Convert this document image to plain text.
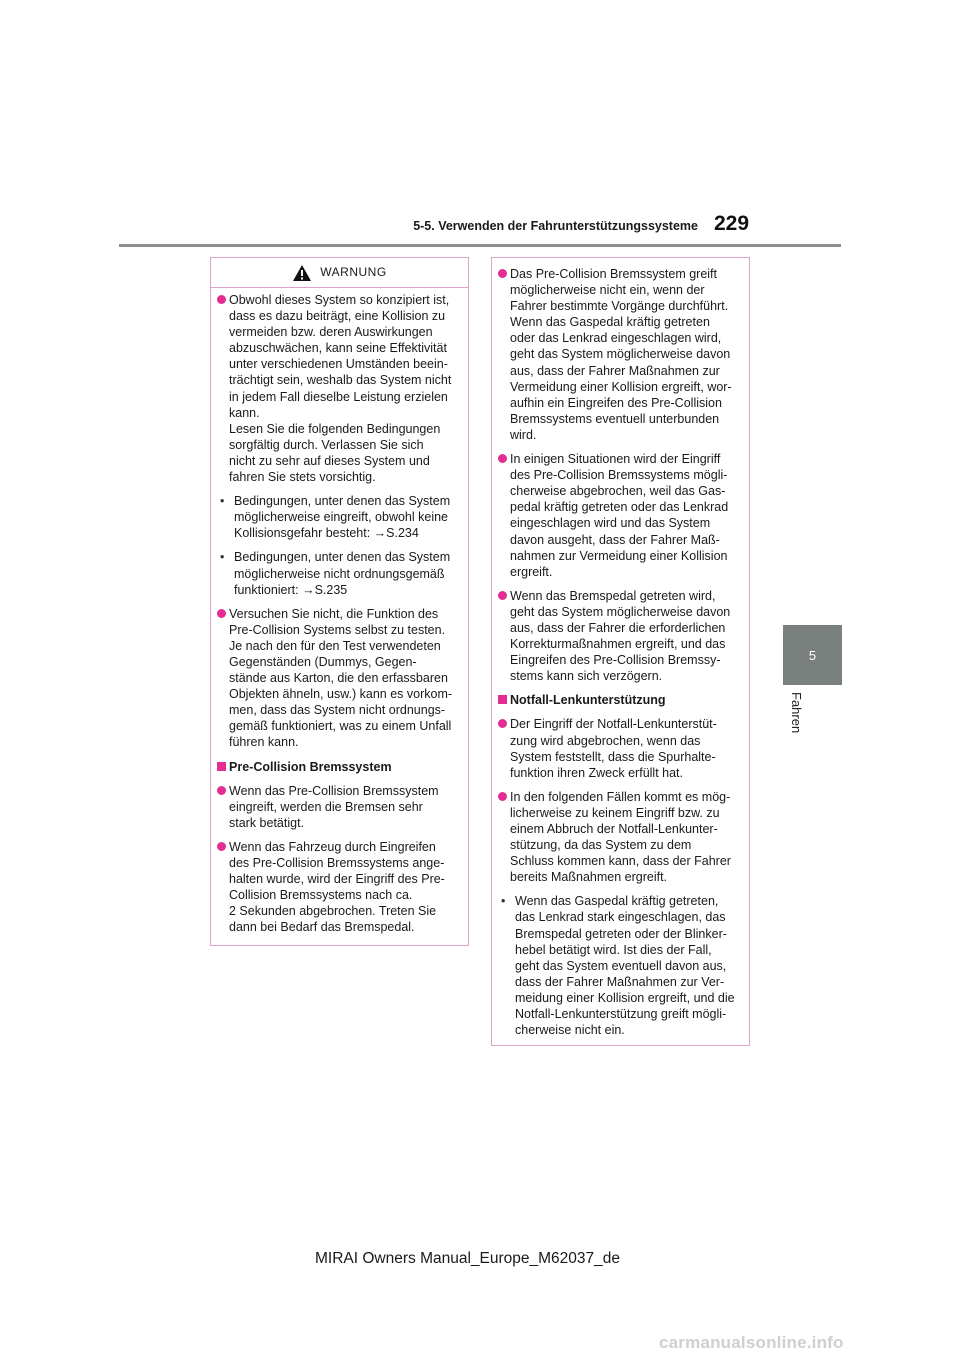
5-5. Verwenden der Fahrunterstützungssysteme 229
5
Fahren
WARNUNG
Obwohl dieses System so konzipiert ist,
dass es dazu beiträgt, eine Kollision zu
vermeiden bzw. deren Auswirkungen
abzuschwächen, kann seine Effektivität
unter verschiedenen Umständen beein-
trächtigt sein, weshalb das System nicht
in jedem Fall dieselbe Leistung erzielen
kann.
Lesen Sie die folgenden Bedingungen
sorgfältig durch. Verlassen Sie sich
nicht zu sehr auf dieses System und
fahren Sie stets vorsichtig.
• Bedingungen, unter denen das System
möglicherweise eingreift, obwohl keine
Kollisionsgefahr besteht: →S.234
• Bedingungen, unter denen das System
möglicherweise nicht ordnungsgemäß
funktioniert: →S.235
Versuchen Sie nicht, die Funktion des
Pre-Collision Systems selbst zu testen.
Je nach den für den Test verwendeten
Gegenständen (Dummys, Gegen-
stände aus Karton, die den erfassbaren
Objekten ähneln, usw.) kann es vorkom-
men, dass das System nicht ordnungs-
gemäß funktioniert, was zu einem Unfall
führen kann.
Pre-Collision Bremssystem
Wenn das Pre-Collision Bremssystem
eingreift, werden die Bremsen sehr
stark betätigt.
Wenn das Fahrzeug durch Eingreifen
des Pre-Collision Bremssystems ange-
halten wurde, wird der Eingriff des Pre-
Collision Bremssystems nach ca.
2 Sekunden abgebrochen. Treten Sie
dann bei Bedarf das Bremspedal.
Das Pre-Collision Bremssystem greift
möglicherweise nicht ein, wenn der
Fahrer bestimmte Vorgänge durchführt.
Wenn das Gaspedal kräftig getreten
oder das Lenkrad eingeschlagen wird,
geht das System möglicherweise davon
aus, dass der Fahrer Maßnahmen zur
Vermeidung einer Kollision ergreift, wor-
aufhin ein Eingreifen des Pre-Collision
Bremssystems eventuell unterbunden
wird.
In einigen Situationen wird der Eingriff
des Pre-Collision Bremssystems mögli-
cherweise abgebrochen, weil das Gas-
pedal kräftig getreten oder das Lenkrad
eingeschlagen wird und das System
davon ausgeht, dass der Fahrer Maß-
nahmen zur Vermeidung einer Kollision
ergreift.
Wenn das Bremspedal getreten wird,
geht das System möglicherweise davon
aus, dass der Fahrer die erforderlichen
Korrekturmaßnahmen ergreift, und das
Eingreifen des Pre-Collision Bremssy-
stems kann sich verzögern.
Notfall-Lenkunterstützung
Der Eingriff der Notfall-Lenkunterstüt-
zung wird abgebrochen, wenn das
System feststellt, dass die Spurhalte-
funktion ihren Zweck erfüllt hat.
In den folgenden Fällen kommt es mög-
licherweise zu keinem Eingriff bzw. zu
einem Abbruch der Notfall-Lenkunter-
stützung, da das System zu dem
Schluss kommen kann, dass der Fahrer
bereits Maßnahmen ergreift.
• Wenn das Gaspedal kräftig getreten,
das Lenkrad stark eingeschlagen, das
Bremspedal getreten oder der Blinker-
hebel betätigt wird. Ist dies der Fall,
geht das System eventuell davon aus,
dass der Fahrer Maßnahmen zur Ver-
meidung einer Kollision ergreift, und die
Notfall-Lenkunterstützung greift mögli-
cherweise nicht ein.
MIRAI Owners Manual_Europe_M62037_de
carmanualsonline.info
